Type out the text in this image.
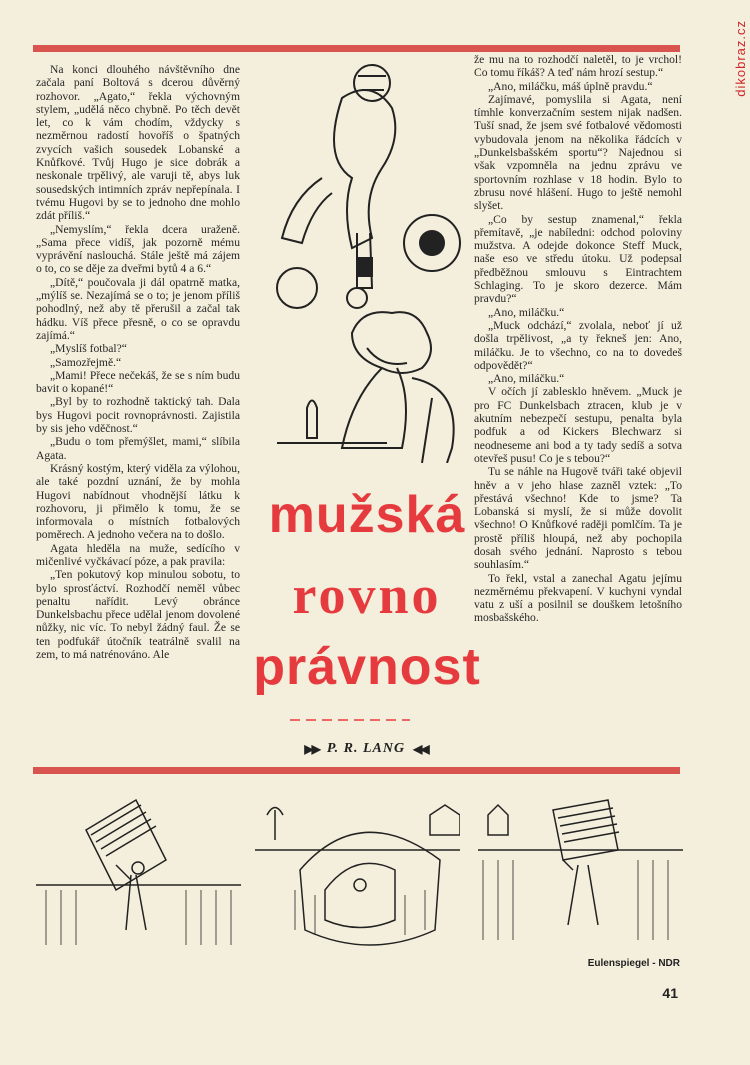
dikobraz.cz

Na konci dlouhého návštěvního dne začala paní Boltová s dcerou důvěrný rozhovor. „Agato,“ řekla výchovným stylem, „udělá něco chybně. Po těch devět let, co k vám chodím, vždycky s nezměrnou radostí hovoříš o špatných zvycích vašich sousedek Lobanské a Knůfkové. Tvůj Hugo je sice dobrák a neskonale trpělivý, ale varuji tě, abys luk sousedských intimních zpráv nepřepínala. I tvému Hugovi by se to jednoho dne mohlo zdát příliš.“

„Nemyslím,“ řekla dcera uraženě. „Sama přece vidíš, jak pozorně mému vyprávění naslouchá. Stále ještě má zájem o to, co se děje za dveřmi bytů 4 a 6.“

„Dítě,“ poučovala ji dál opatrně matka, „mýlíš se. Nezajímá se o to; je jenom příliš pohodlný, než aby tě přerušil a začal tak hádku. Víš přece přesně, o co se opravdu zajímá.“

„Myslíš fotbal?“

„Samozřejmě.“

„Mami! Přece nečekáš, že se s ním budu bavit o kopané!“

„Byl by to rozhodně taktický tah. Dala bys Hugovi pocit rovnoprávnosti. Zajistila by sis jeho vděčnost.“

„Budu o tom přemýšlet, mami,“ slíbila Agata.

Krásný kostým, který viděla za výlohou, ale také pozdní uznání, že by mohla Hugovi nabídnout vhodnější látku k rozhovoru, ji přimělo k tomu, že se informovala o místních fotbalových poměrech. A jednoho večera na to došlo.

Agata hleděla na muže, sedícího v mičenlivé vyčkávací póze, a pak pravila:

„Ten pokutový kop minulou sobotu, to bylo sprosťáctví. Rozhodčí neměl vůbec penaltu nařídit. Levý obránce Dunkelsbachu přece udělal jenom dovolené nůžky, nic víc. To nebyl žádný faul. Že se ten podfukář útočník teatrálně svalil na zem, to má natrénováno. Ale

mužská
rovno
právnost
▶▶ P. R. LANG ◀◀

že mu na to rozhodčí naletěl, to je vrchol! Co tomu říkáš? A teď nám hrozí sestup.“

„Ano, miláčku, máš úplně pravdu.“

Zajímavé, pomyslila si Agata, není tímhle konverzačním sestem nijak nadšen. Tuší snad, že jsem své fotbalové vědomosti vybudovala jenom na několika řádcích v „Dunkelsbašském sportu“? Najednou si však vzpomněla na jednu zprávu ve sportovním rozhlase v 18 hodin. Bylo to zbrusu nové hlášení. Hugo to ještě nemohl slyšet.

„Co by sestup znamenal,“ řekla přemítavě, „je nabíledni: odchod poloviny mužstva. A odejde dokonce Steff Muck, naše eso ve středu útoku. Už podepsal předběžnou smlouvu s Eintrachtem Schlaging. To je skoro dezerce. Mám pravdu?“

„Ano, miláčku.“

„Muck odchází,“ zvolala, neboť jí už došla trpělivost, „a ty řekneš jen: Ano, miláčku. Je to všechno, co na to dovedeš odpovědět?“

„Ano, miláčku.“

V očích jí zablesklo hněvem. „Muck je pro FC Dunkelsbach ztracen, klub je v akutním nebezpečí sestupu, penalta byla podfuk a od Kickers Blechwarz si neodneseme ani bod a ty tady sedíš a sotva otevřeš pusu! Co je s tebou?“

Tu se náhle na Hugově tváři také objevil hněv a v jeho hlase zazněl vztek: „To přestává všechno! Kde to jsme? Ta Lobanská si myslí, že si může dovolit všechno! O Knůfkové raději pomlčím. Ta je prostě příliš hloupá, než aby pochopila dosah svého jednání. Naprosto s tebou souhlasím.“

To řekl, vstal a zanechal Agatu jejímu nezměrnému překvapení. V kuchyni vyndal vatu z uší a posilnil se douškem letošního mosbašského.

Eulenspiegel - NDR
41
